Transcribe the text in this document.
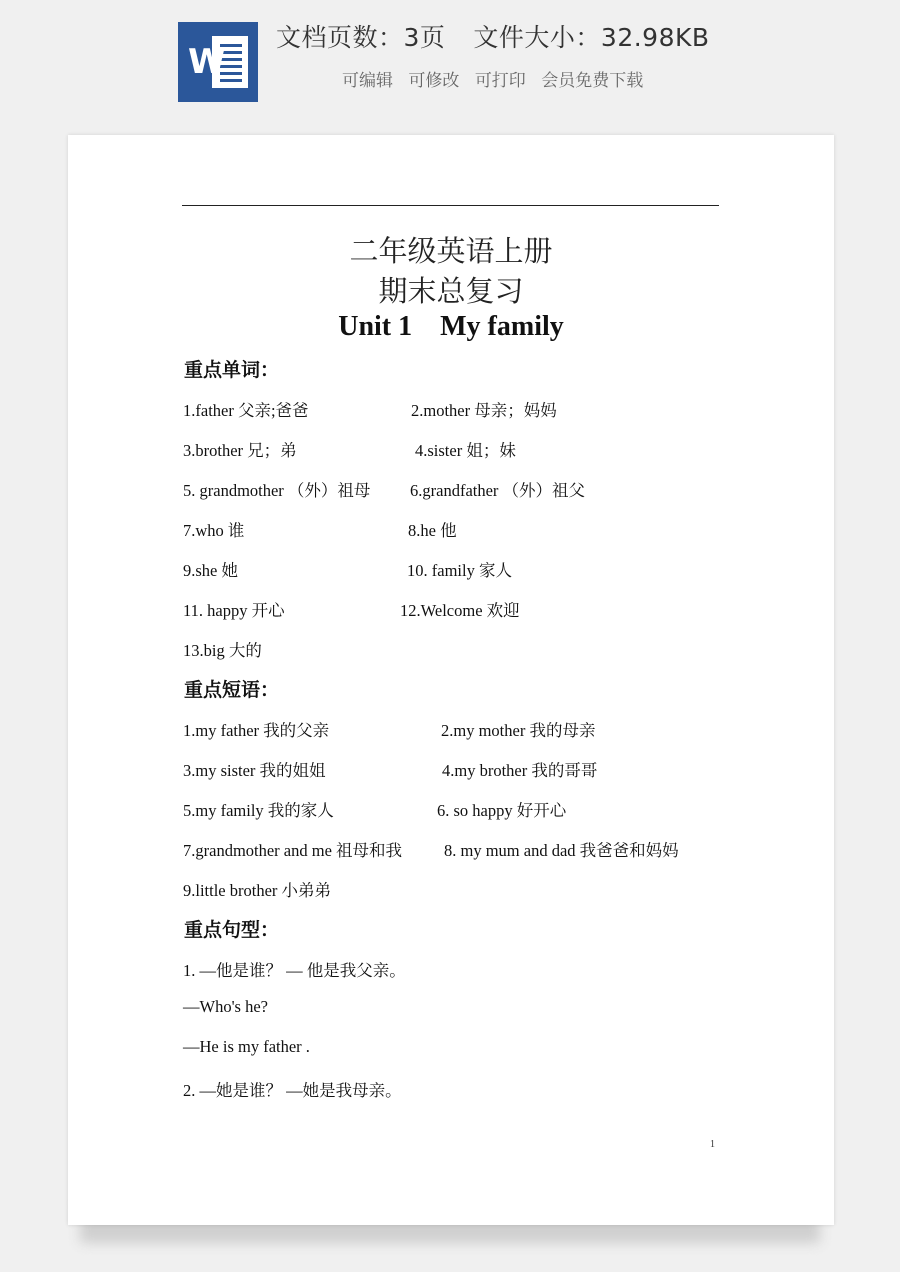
W
文档页数：3页 文件大小：32.98KB
可编辑 可修改 可打印 会员免费下载
二年级英语上册
期末总复习
Unit 1    My family
重点单词：
1.father 父亲;爸爸	2.mother 母亲；妈妈
3.brother 兄；弟	4.sister 姐；妹
5. grandmother （外）祖母 6.grandfather （外）祖父
7.who 谁	8.he 他
9.she 她	10. family 家人
11. happy 开心	12.Welcome 欢迎
13.big 大的
重点短语：
1.my father 我的父亲	2.my mother 我的母亲
3.my sister 我的姐姐	4.my brother 我的哥哥
5.my family 我的家人	6. so happy 好开心
7.grandmother and me 祖母和我	8. my mum and dad 我爸爸和妈妈
9.little brother 小弟弟
重点句型：
1. —他是谁？ — 他是我父亲。
—Who's he?
—He is my father .
2. —她是谁？ —她是我母亲。
1
